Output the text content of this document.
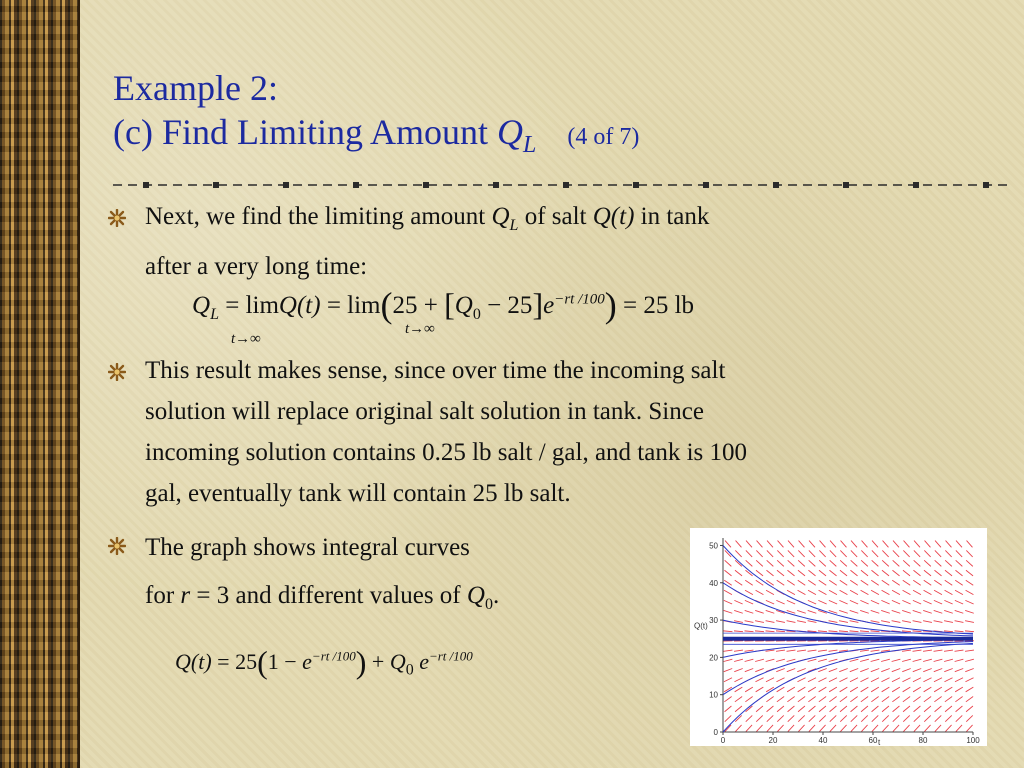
Example 2:
(c) Find Limiting Amount $Q_L$ (4 of 7)
Next, we find the limiting amount $Q_L$ of salt Q(t) in tank
after a very long time:
$Q_L = \lim Q(t) = \lim(25 + [Q_0 - 25]e^{-rt /100}) = 25$ lb
t→∞
t→∞
This result makes sense, since over time the incoming salt
solution will replace original salt solution in tank. Since
incoming solution contains 0.25 lb salt / gal, and tank is 100
gal, eventually tank will contain 25 lb salt.
The graph shows integral curves
for r = 3 and different values of $Q_0$.
$Q(t) = 25(1 - e^{-rt /100}) + Q_0$ $e^{-rt /100}$
0	20	40	60	80	100
0
10
20
30
40
50
t
Q(t)
